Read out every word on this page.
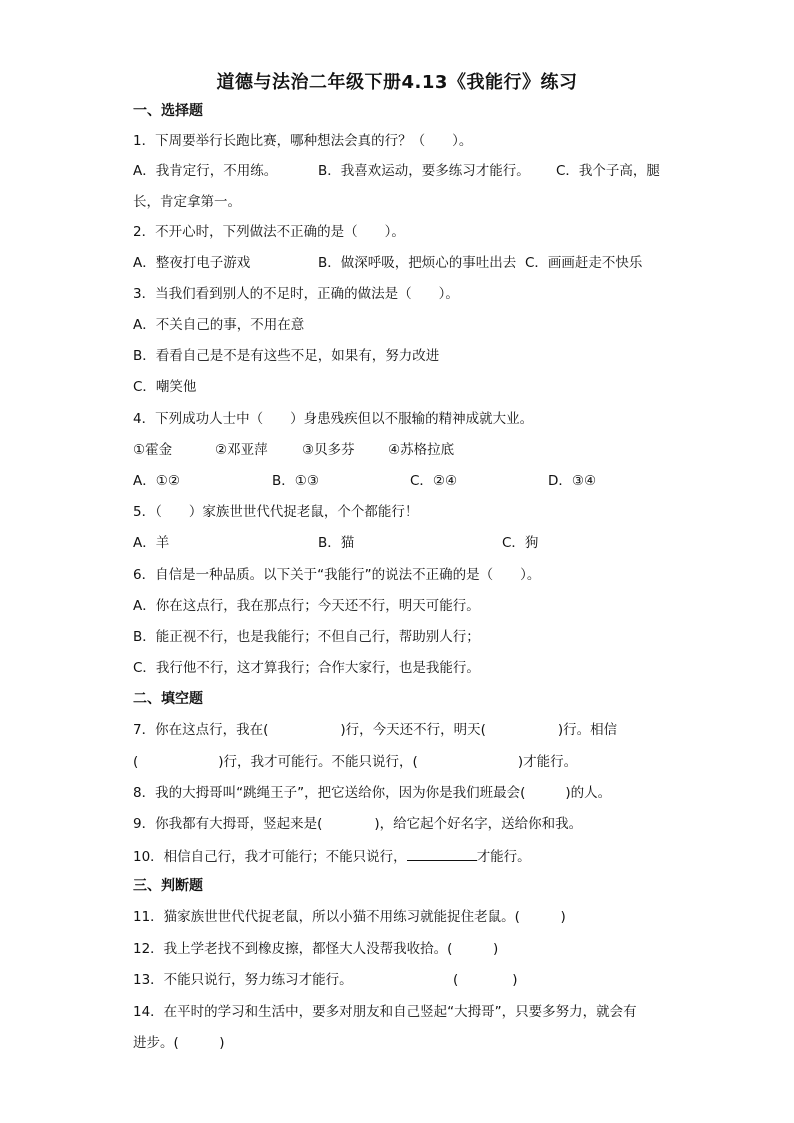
道德与法治二年级下册4.13《我能行》练习
一、选择题
1．下周要举行长跑比赛，哪种想法会真的行？（　　）。
A．我肯定行，不用练。	B．我喜欢运动，要多练习才能行。 C．我个子高，腿
长，肯定拿第一。
2．不开心时，下列做法不正确的是（　　）。
A．整夜打电子游戏	B．做深呼吸，把烦心的事吐出去 C．画画赶走不快乐
3．当我们看到别人的不足时，正确的做法是（　　）。
A．不关自己的事，不用在意
B．看看自己是不是有这些不足，如果有，努力改进
C．嘲笑他
4．下列成功人士中（　　）身患残疾但以不服输的精神成就大业。
①霍金	②邓亚萍	③贝多芬 ④苏格拉底
A．①②	B．①③	C．②④	D．③④
5．（　　）家族世世代代捉老鼠，个个都能行！
A．羊	B．猫	C．狗
6．自信是一种品质。以下关于“我能行”的说法不正确的是（　　）。
A．你在这点行，我在那点行；今天还不行，明天可能行。
B．能正视不行，也是我能行；不但自己行，帮助别人行；
C．我行他不行，这才算我行；合作大家行，也是我能行。
二、填空题
7．你在这点行，我在(	)行，今天还不行，明天(	)行。相信
(	)行，我才可能行。不能只说行，(	)才能行。
8．我的大拇哥叫“跳绳王子”，把它送给你，因为你是我们班最会(	)的人。
9．你我都有大拇哥，竖起来是(	)，给它起个好名字，送给你和我。
10．相信自己行，我才可能行；不能只说行，	才能行。
三、判断题
11．猫家族世世代代捉老鼠，所以小猫不用练习就能捉住老鼠。(　　　)
12．我上学老找不到橡皮擦，都怪大人没帮我收拾。(　　　)
13．不能只说行，努力练习才能行。	(　　　　)
14．在平时的学习和生活中，要多对朋友和自己竖起“大拇哥”，只要多努力，就会有
进步。(　　　)
